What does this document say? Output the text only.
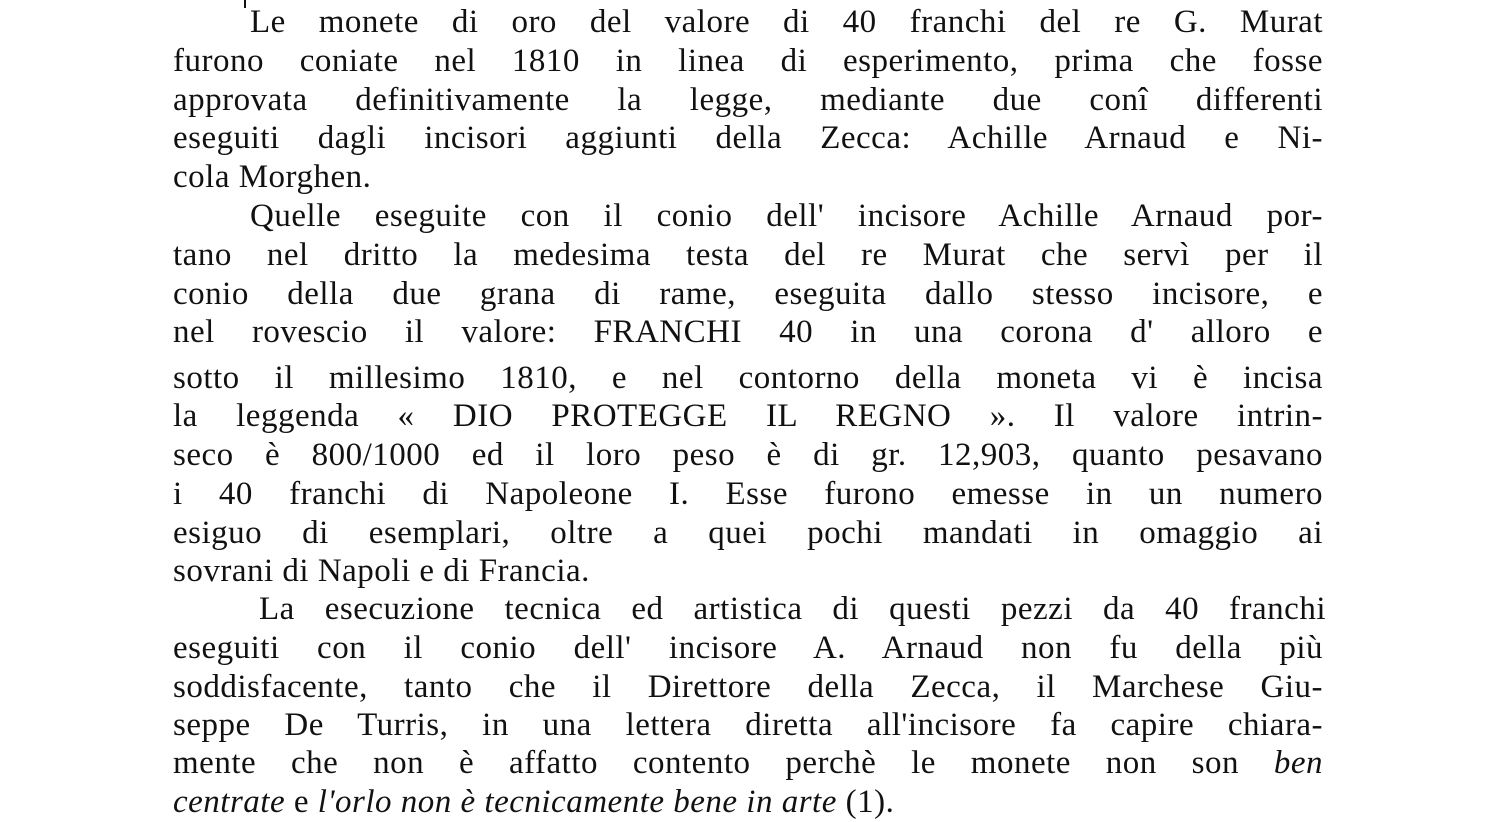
Le monete di oro del valore di 40 franchi del re G. Murat
furono coniate nel 1810 in linea di esperimento, prima che fosse
approvata definitivamente la legge, mediante due conî differenti
eseguiti dagli incisori aggiunti della Zecca: Achille Arnaud e Ni-
cola Morghen.
Quelle eseguite con il conio dell' incisore Achille Arnaud por-
tano nel dritto la medesima testa del re Murat che servì per il
conio della due grana di rame, eseguita dallo stesso incisore, e
nel rovescio il valore: FRANCHI 40 in una corona d' alloro e
sotto il millesimo 1810, e nel contorno della moneta vi è incisa
la leggenda « DIO PROTEGGE IL REGNO ». Il valore intrin-
seco è 800/1000 ed il loro peso è di gr. 12,903, quanto pesavano
i 40 franchi di Napoleone I. Esse furono emesse in un numero
esiguo di esemplari, oltre a quei pochi mandati in omaggio ai
sovrani di Napoli e di Francia.
La esecuzione tecnica ed artistica di questi pezzi da 40 franchi
eseguiti con il conio dell' incisore A. Arnaud non fu della più
soddisfacente, tanto che il Direttore della Zecca, il Marchese Giu-
seppe De Turris, in una lettera diretta all'incisore fa capire chiara-
mente che non è affatto contento perchè le monete non son ben
centrate e l'orlo non è tecnicamente bene in arte (1).
